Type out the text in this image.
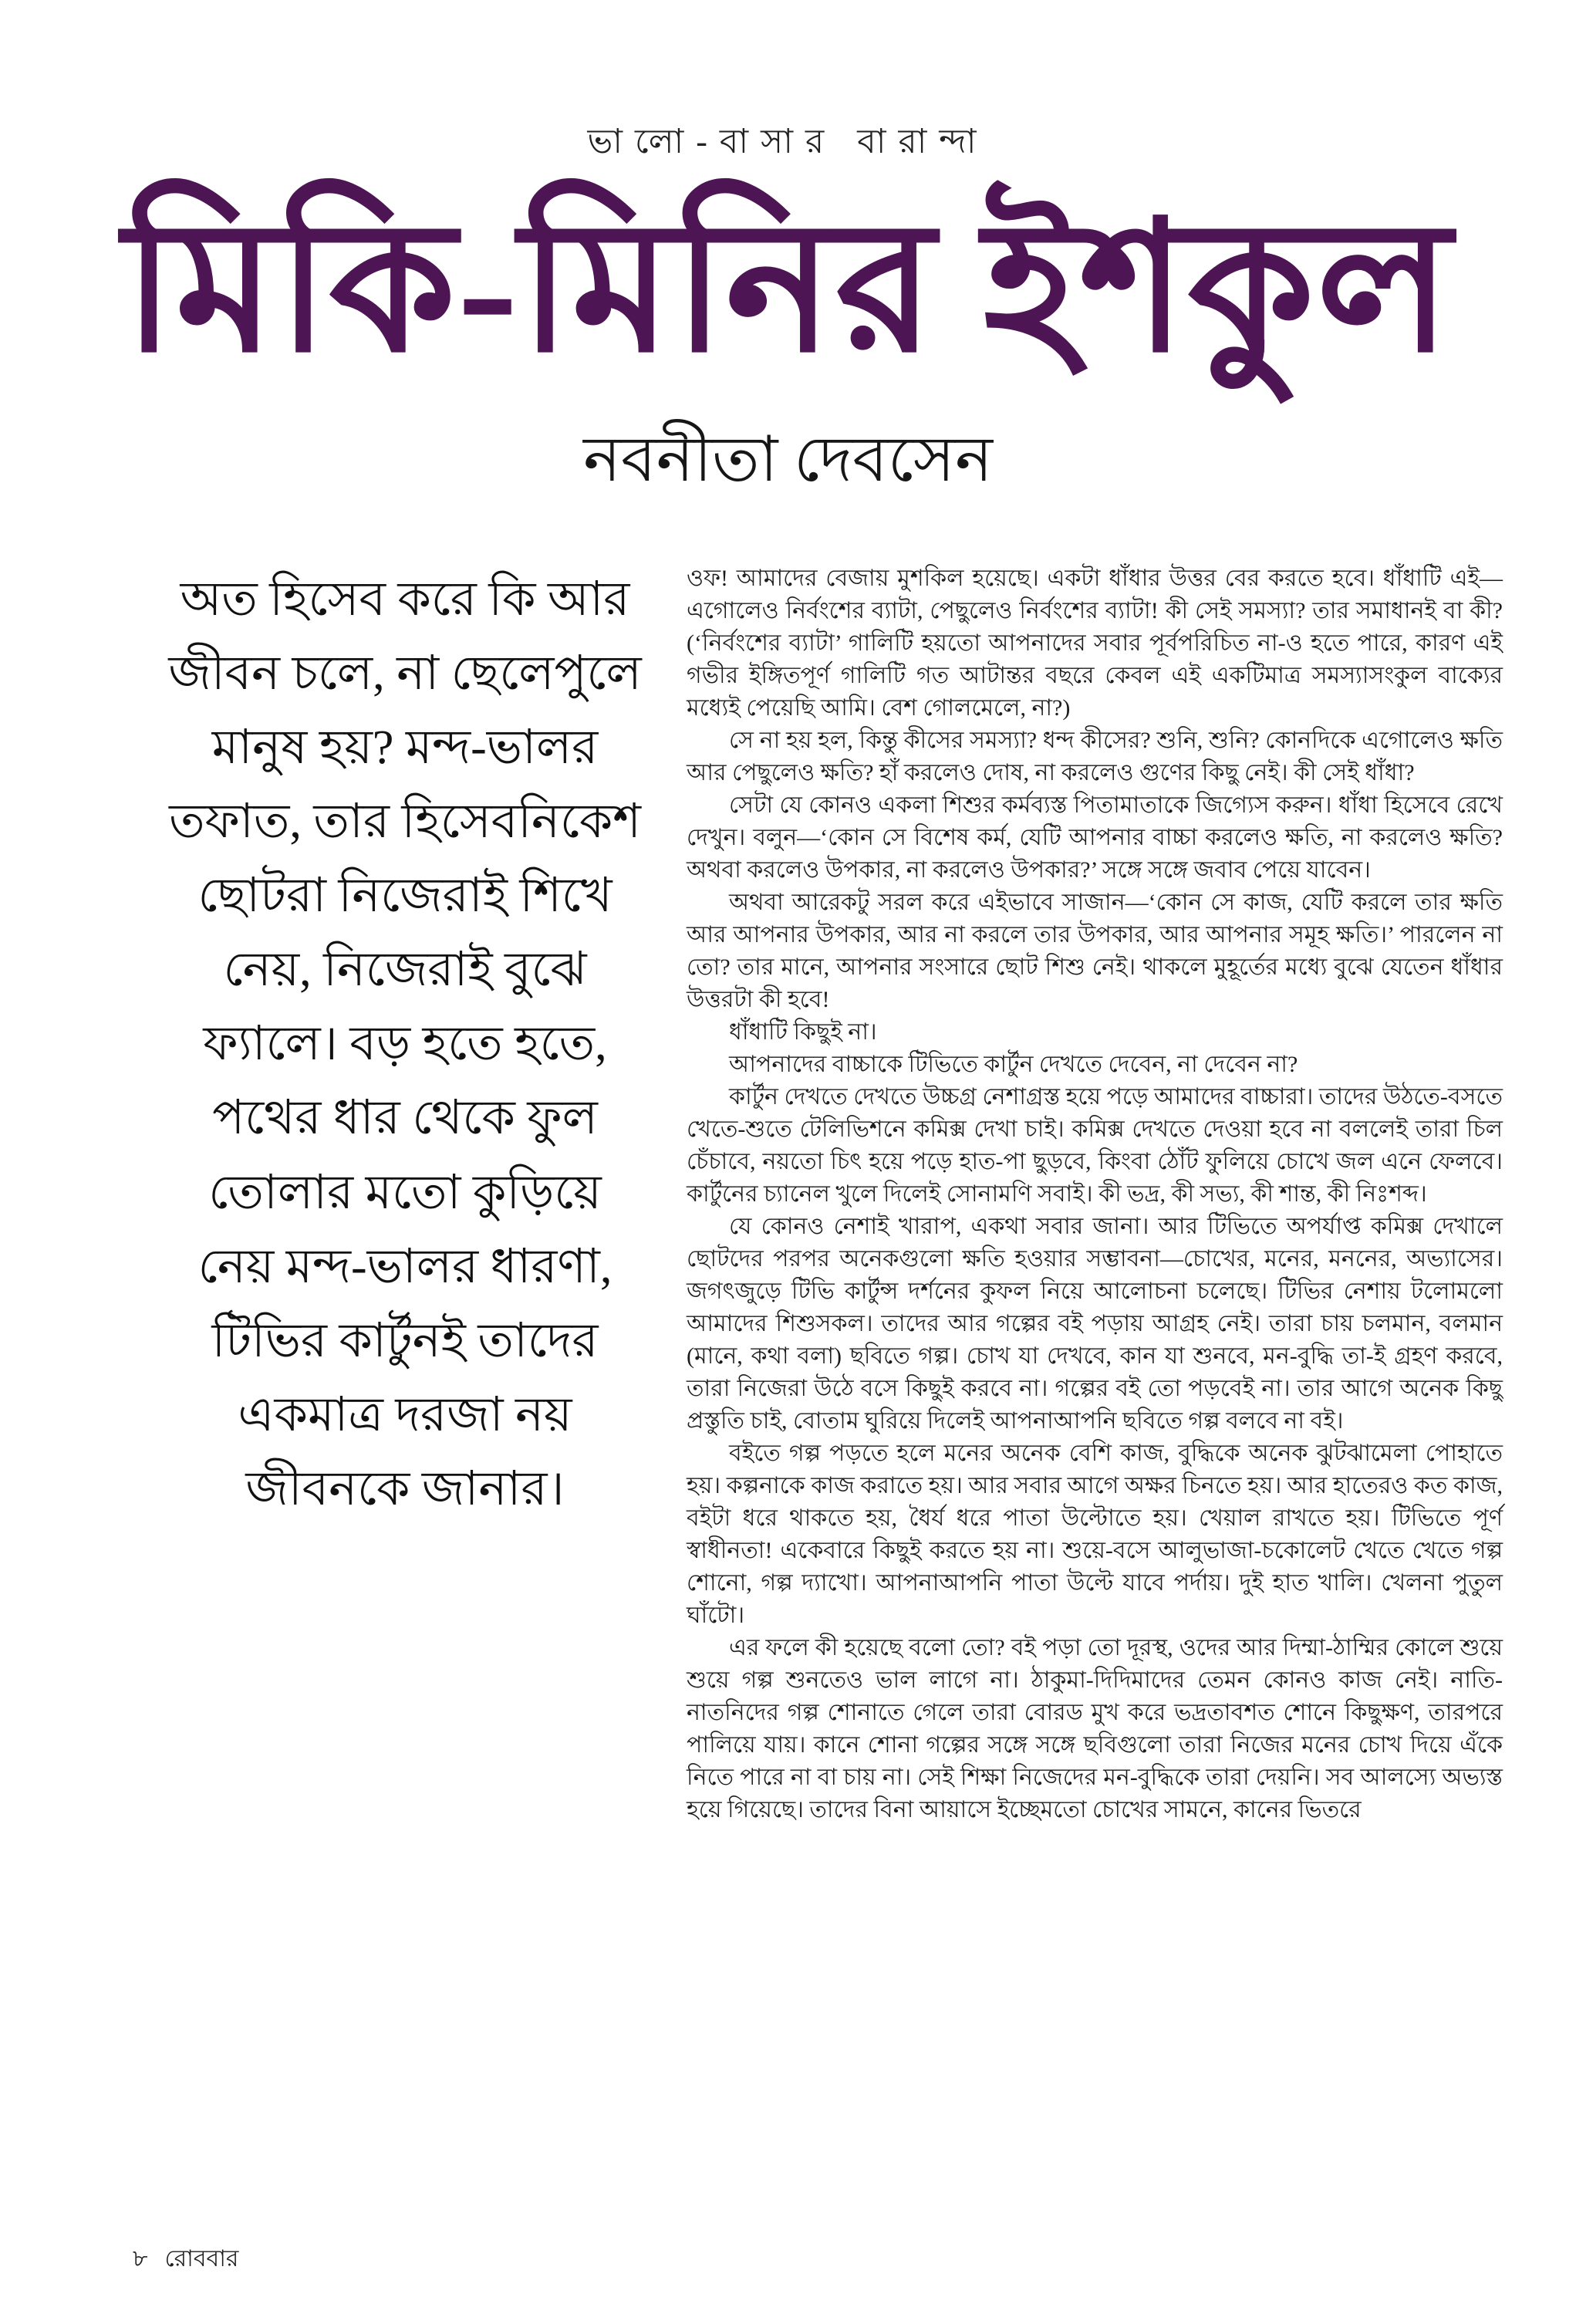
ভালো-বাসার বারান্দা
মিকি-মিনির ইশকুল
নবনীতা দেবসেন
অত হিসেব করে কি আর জীবন চলে, না ছেলেপুলে মানুষ হয়? মন্দ-ভালর তফাত, তার হিসেবনিকেশ ছোটরা নিজেরাই শিখে নেয়, নিজেরাই বুঝে ফ্যালে। বড় হতে হতে, পথের ধার থেকে ফুল তোলার মতো কুড়িয়ে নেয় মন্দ-ভালর ধারণা, টিভির কার্টুনই তাদের একমাত্র দরজা নয় জীবনকে জানার।

ওফ! আমাদের বেজায় মুশকিল হয়েছে। একটা ধাঁধার উত্তর বের করতে হবে। ধাঁধাটি এই—এগোলেও নির্বংশের ব্যাটা, পেছুলেও নির্বংশের ব্যাটা! কী সেই সমস্যা? তার সমাধানই বা কী? (‘নির্বংশের ব্যাটা’ গালিটি হয়তো আপনাদের সবার পূর্বপরিচিত না-ও হতে পারে, কারণ এই গভীর ইঙ্গিতপূর্ণ গালিটি গত আটান্তর বছরে কেবল এই একটিমাত্র সমস্যাসংকুল বাক্যের মধ্যেই পেয়েছি আমি। বেশ গোলমেলে, না?)

সে না হয় হল, কিন্তু কীসের সমস্যা? ধন্দ কীসের? শুনি, শুনি? কোনদিকে এগোলেও ক্ষতি আর পেছুলেও ক্ষতি? হাঁ করলেও দোষ, না করলেও গুণের কিছু নেই। কী সেই ধাঁধা?

সেটা যে কোনও একলা শিশুর কর্মব্যস্ত পিতামাতাকে জিগ্যেস করুন। ধাঁধা হিসেবে রেখে দেখুন। বলুন—‘কোন সে বিশেষ কর্ম, যেটি আপনার বাচ্চা করলেও ক্ষতি, না করলেও ক্ষতি? অথবা করলেও উপকার, না করলেও উপকার?’ সঙ্গে সঙ্গে জবাব পেয়ে যাবেন।

অথবা আরেকটু সরল করে এইভাবে সাজান—‘কোন সে কাজ, যেটি করলে তার ক্ষতি আর আপনার উপকার, আর না করলে তার উপকার, আর আপনার সমূহ ক্ষতি।’ পারলেন না তো? তার মানে, আপনার সংসারে ছোট শিশু নেই। থাকলে মুহূর্তের মধ্যে বুঝে যেতেন ধাঁধার উত্তরটা কী হবে!

ধাঁধাটি কিছুই না।

আপনাদের বাচ্চাকে টিভিতে কার্টুন দেখতে দেবেন, না দেবেন না?

কার্টুন দেখতে দেখতে উচ্চগ্র নেশাগ্রস্ত হয়ে পড়ে আমাদের বাচ্চারা। তাদের উঠতে-বসতে খেতে-শুতে টেলিভিশনে কমিক্স দেখা চাই। কমিক্স দেখতে দেওয়া হবে না বললেই তারা চিল চেঁচাবে, নয়তো চিৎ হয়ে পড়ে হাত-পা ছুড়বে, কিংবা ঠোঁট ফুলিয়ে চোখে জল এনে ফেলবে। কার্টুনের চ্যানেল খুলে দিলেই সোনামণি সবাই। কী ভদ্র, কী সভ্য, কী শান্ত, কী নিঃশব্দ।

যে কোনও নেশাই খারাপ, একথা সবার জানা। আর টিভিতে অপর্যাপ্ত কমিক্স দেখালে ছোটদের পরপর অনেকগুলো ক্ষতি হওয়ার সম্ভাবনা—চোখের, মনের, মননের, অভ্যাসের। জগৎজুড়ে টিভি কার্টুন্স দর্শনের কুফল নিয়ে আলোচনা চলেছে। টিভির নেশায় টলোমলো আমাদের শিশুসকল। তাদের আর গল্পের বই পড়ায় আগ্রহ নেই। তারা চায় চলমান, বলমান (মানে, কথা বলা) ছবিতে গল্প। চোখ যা দেখবে, কান যা শুনবে, মন-বুদ্ধি তা-ই গ্রহণ করবে, তারা নিজেরা উঠে বসে কিছুই করবে না। গল্পের বই তো পড়বেই না। তার আগে অনেক কিছু প্রস্তুতি চাই, বোতাম ঘুরিয়ে দিলেই আপনাআপনি ছবিতে গল্প বলবে না বই।

বইতে গল্প পড়তে হলে মনের অনেক বেশি কাজ, বুদ্ধিকে অনেক ঝুটঝামেলা পোহাতে হয়। কল্পনাকে কাজ করাতে হয়। আর সবার আগে অক্ষর চিনতে হয়। আর হাতেরও কত কাজ, বইটা ধরে থাকতে হয়, ধৈর্য ধরে পাতা উল্টোতে হয়। খেয়াল রাখতে হয়। টিভিতে পূর্ণ স্বাধীনতা! একেবারে কিছুই করতে হয় না। শুয়ে-বসে আলুভাজা-চকোলেট খেতে খেতে গল্প শোনো, গল্প দ্যাখো। আপনাআপনি পাতা উল্টে যাবে পর্দায়। দুই হাত খালি। খেলনা পুতুল ঘাঁটো।

এর ফলে কী হয়েছে বলো তো? বই পড়া তো দূরস্থ, ওদের আর দিম্মা-ঠাম্মির কোলে শুয়ে শুয়ে গল্প শুনতেও ভাল লাগে না। ঠাকুমা-দিদিমাদের তেমন কোনও কাজ নেই। নাতি-নাতনিদের গল্প শোনাতে গেলে তারা বোরড মুখ করে ভদ্রতাবশত শোনে কিছুক্ষণ, তারপরে পালিয়ে যায়। কানে শোনা গল্পের সঙ্গে সঙ্গে ছবিগুলো তারা নিজের মনের চোখ দিয়ে এঁকে নিতে পারে না বা চায় না। সেই শিক্ষা নিজেদের মন-বুদ্ধিকে তারা দেয়নি। সব আলস্যে অভ্যস্ত হয়ে গিয়েছে। তাদের বিনা আয়াসে ইচ্ছেমতো চোখের সামনে, কানের ভিতরে

৮ রোববার
